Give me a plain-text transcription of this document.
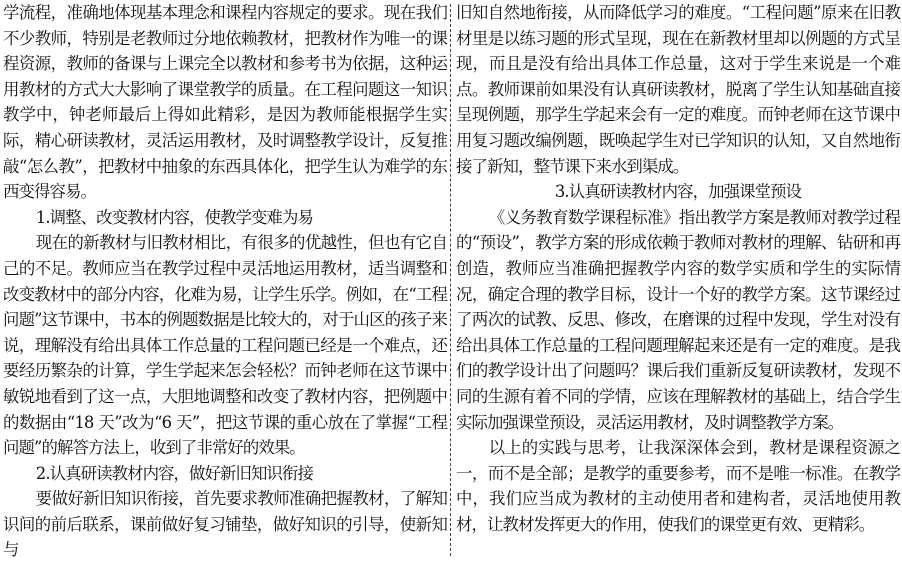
学流程，准确地体现基本理念和课程内容规定的要求。现在我们不少教师，特别是老教师过分地依赖教材，把教材作为唯一的课程资源，教师的备课与上课完全以教材和参考书为依据，这种运用教材的方式大大影响了课堂教学的质量。在工程问题这一知识教学中，钟老师最后上得如此精彩，是因为教师能根据学生实际，精心研读教材，灵活运用教材，及时调整教学设计，反复推敲“怎么教”，把教材中抽象的东西具体化，把学生认为难学的东西变得容易。

1.调整、改变教材内容，使教学变难为易

现在的新教材与旧教材相比，有很多的优越性，但也有它自己的不足。教师应当在教学过程中灵活地运用教材，适当调整和改变教材中的部分内容，化难为易，让学生乐学。例如，在“工程问题”这节课中，书本的例题数据是比较大的，对于山区的孩子来说，理解没有给出具体工作总量的工程问题已经是一个难点，还要经历繁杂的计算，学生学起来怎会轻松？而钟老师在这节课中敏锐地看到了这一点，大胆地调整和改变了教材内容，把例题中的数据由“18 天”改为“6 天”，把这节课的重心放在了掌握“工程问题”的解答方法上，收到了非常好的效果。

2.认真研读教材内容，做好新旧知识衔接

要做好新旧知识衔接，首先要求教师准确把握教材，了解知识间的前后联系，课前做好复习铺垫，做好知识的引导，使新知与

旧知自然地衔接，从而降低学习的难度。“工程问题”原来在旧教材里是以练习题的形式呈现，现在在新教材里却以例题的方式呈现，而且是没有给出具体工作总量，这对于学生来说是一个难点。教师课前如果没有认真研读教材，脱离了学生认知基础直接呈现例题，那学生学起来会有一定的难度。而钟老师在这节课中用复习题改编例题，既唤起学生对已学知识的认知，又自然地衔接了新知，整节课下来水到渠成。

3.认真研读教材内容，加强课堂预设

《义务教育数学课程标准》指出教学方案是教师对教学过程的“预设”，教学方案的形成依赖于教师对教材的理解、钻研和再创造，教师应当准确把握教学内容的数学实质和学生的实际情况，确定合理的教学目标，设计一个好的教学方案。这节课经过了两次的试教、反思、修改，在磨课的过程中发现，学生对没有给出具体工作总量的工程问题理解起来还是有一定的难度。是我们的教学设计出了问题吗？课后我们重新反复研读教材，发现不同的生源有着不同的学情，应该在理解教材的基础上，结合学生实际加强课堂预设，灵活运用教材，及时调整教学方案。

以上的实践与思考，让我深深体会到，教材是课程资源之一，而不是全部；是教学的重要参考，而不是唯一标准。在教学中，我们应当成为教材的主动使用者和建构者，灵活地使用教材，让教材发挥更大的作用，使我们的课堂更有效、更精彩。
